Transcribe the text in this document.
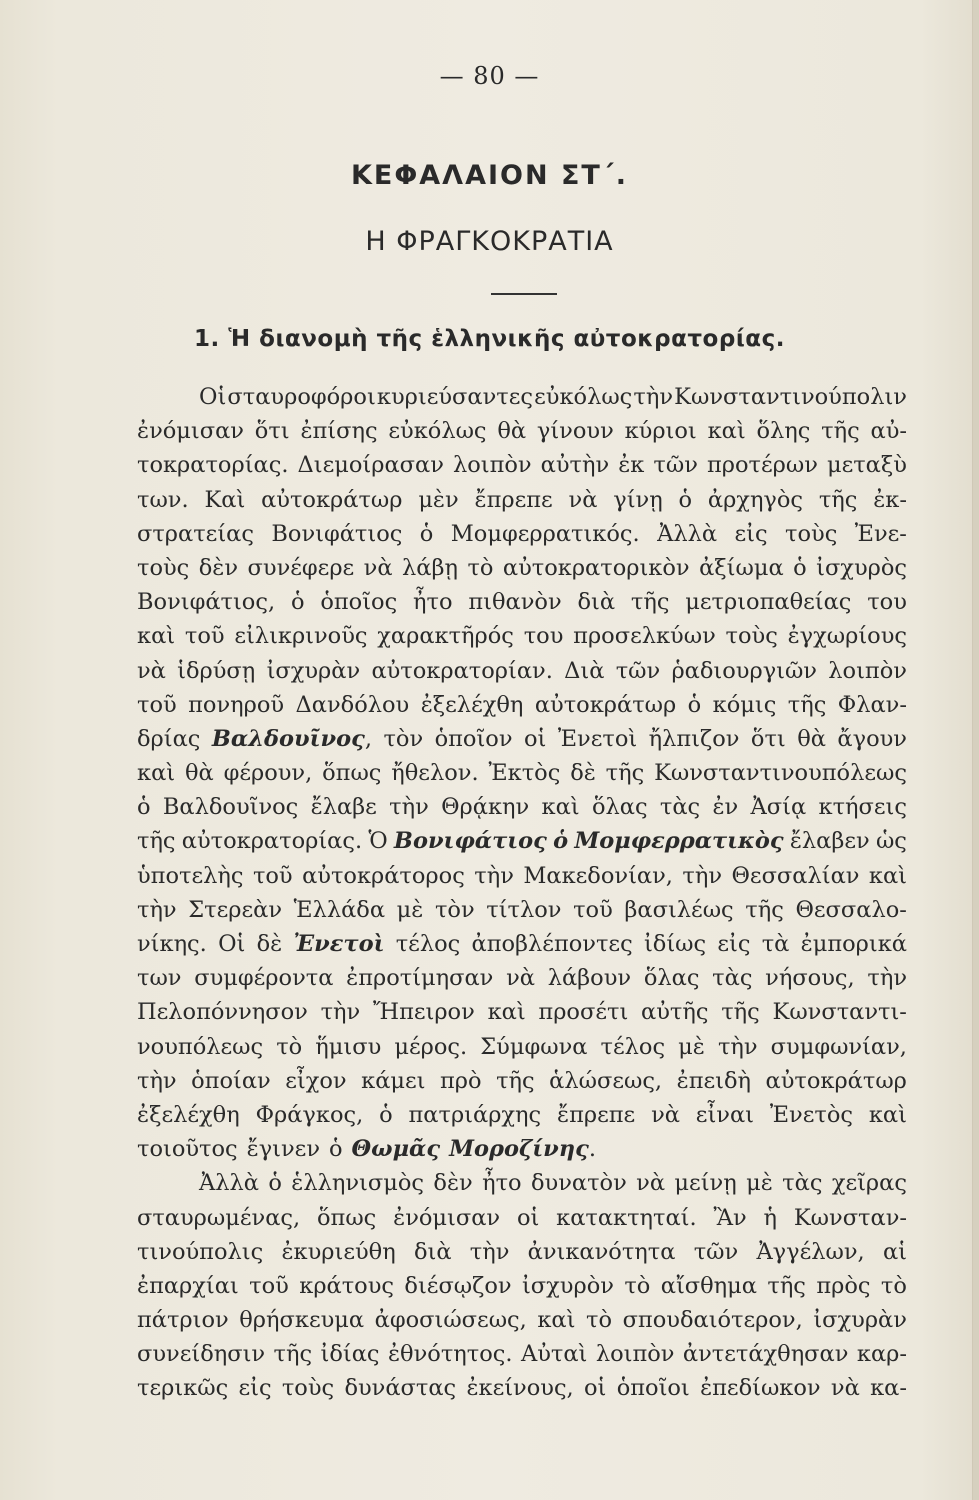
— 80 —
ΚΕΦΑΛΑΙΟΝ ΣΤ΄.
Η ΦΡΑΓΚΟΚΡΑΤΙΑ
1. Ἡ διανομὴ τῆς ἑλληνικῆς αὐτοκρατορίας.
Οἱ σταυροφόροι κυριεύσαντες εὐκόλως τὴν Κωνσταντινούπολιν
ἐνόμισαν ὅτι ἐπίσης εὐκόλως θὰ γίνουν κύριοι καὶ ὅλης τῆς αὐ-
τοκρατορίας. Διεμοίρασαν λοιπὸν αὐτὴν ἐκ τῶν προτέρων μεταξὺ
των. Καὶ αὐτοκράτωρ μὲν ἔπρεπε νὰ γίνῃ ὁ ἀρχηγὸς τῆς ἐκ-
στρατείας Βονιφάτιος ὁ Μομφερρατικός. Ἀλλὰ εἰς τοὺς Ἐνε-
τοὺς δὲν συνέφερε νὰ λάβῃ τὸ αὐτοκρατορικὸν ἀξίωμα ὁ ἰσχυρὸς
Βονιφάτιος, ὁ ὁποῖος ἦτο πιθανὸν διὰ τῆς μετριοπαθείας του
καὶ τοῦ εἰλικρινοῦς χαρακτῆρός του προσελκύων τοὺς ἐγχωρίους
νὰ ἱδρύσῃ ἰσχυρὰν αὐτοκρατορίαν. Διὰ τῶν ῥαδιουργιῶν λοιπὸν
τοῦ πονηροῦ Δανδόλου ἐξελέχθη αὐτοκράτωρ ὁ κόμις τῆς Φλαν-
δρίας Βαλδουῖνος, τὸν ὁποῖον οἱ Ἐνετοὶ ἤλπιζον ὅτι θὰ ἄγουν
καὶ θὰ φέρουν, ὅπως ἤθελον. Ἐκτὸς δὲ τῆς Κωνσταντινουπόλεως
ὁ Βαλδουῖνος ἔλαβε τὴν Θρᾴκην καὶ ὅλας τὰς ἐν Ἀσίᾳ κτήσεις
τῆς αὐτοκρατορίας. Ὁ Βονιφάτιος ὁ Μομφερρατικὸς ἔλαβεν ὡς
ὑποτελὴς τοῦ αὐτοκράτορος τὴν Μακεδονίαν, τὴν Θεσσαλίαν καὶ
τὴν Στερεὰν Ἑλλάδα μὲ τὸν τίτλον τοῦ βασιλέως τῆς Θεσσαλο-
νίκης. Οἱ δὲ Ἐνετοὶ τέλος ἀποβλέποντες ἰδίως εἰς τὰ ἐμπορικά
των συμφέροντα ἐπροτίμησαν νὰ λάβουν ὅλας τὰς νήσους, τὴν
Πελοπόννησον τὴν Ἤπειρον καὶ προσέτι αὐτῆς τῆς Κωνσταντι-
νουπόλεως τὸ ἥμισυ μέρος. Σύμφωνα τέλος μὲ τὴν συμφωνίαν,
τὴν ὁποίαν εἶχον κάμει πρὸ τῆς ἁλώσεως, ἐπειδὴ αὐτοκράτωρ
ἐξελέχθη Φράγκος, ὁ πατριάρχης ἔπρεπε νὰ εἶναι Ἐνετὸς καὶ
τοιοῦτος ἔγινεν ὁ Θωμᾶς Μοροζίνης.
Ἀλλὰ ὁ ἑλληνισμὸς δὲν ἦτο δυνατὸν νὰ μείνῃ μὲ τὰς χεῖρας
σταυρωμένας, ὅπως ἐνόμισαν οἱ κατακτηταί. Ἂν ἡ Κωνσταν-
τινούπολις ἐκυριεύθη διὰ τὴν ἀνικανότητα τῶν Ἀγγέλων, αἱ
ἐπαρχίαι τοῦ κράτους διέσῳζον ἰσχυρὸν τὸ αἴσθημα τῆς πρὸς τὸ
πάτριον θρήσκευμα ἀφοσιώσεως, καὶ τὸ σπουδαιότερον, ἰσχυρὰν
συνείδησιν τῆς ἰδίας ἐθνότητος. Αὐταὶ λοιπὸν ἀντετάχθησαν καρ-
τερικῶς εἰς τοὺς δυνάστας ἐκείνους, οἱ ὁποῖοι ἐπεδίωκον νὰ κα-
